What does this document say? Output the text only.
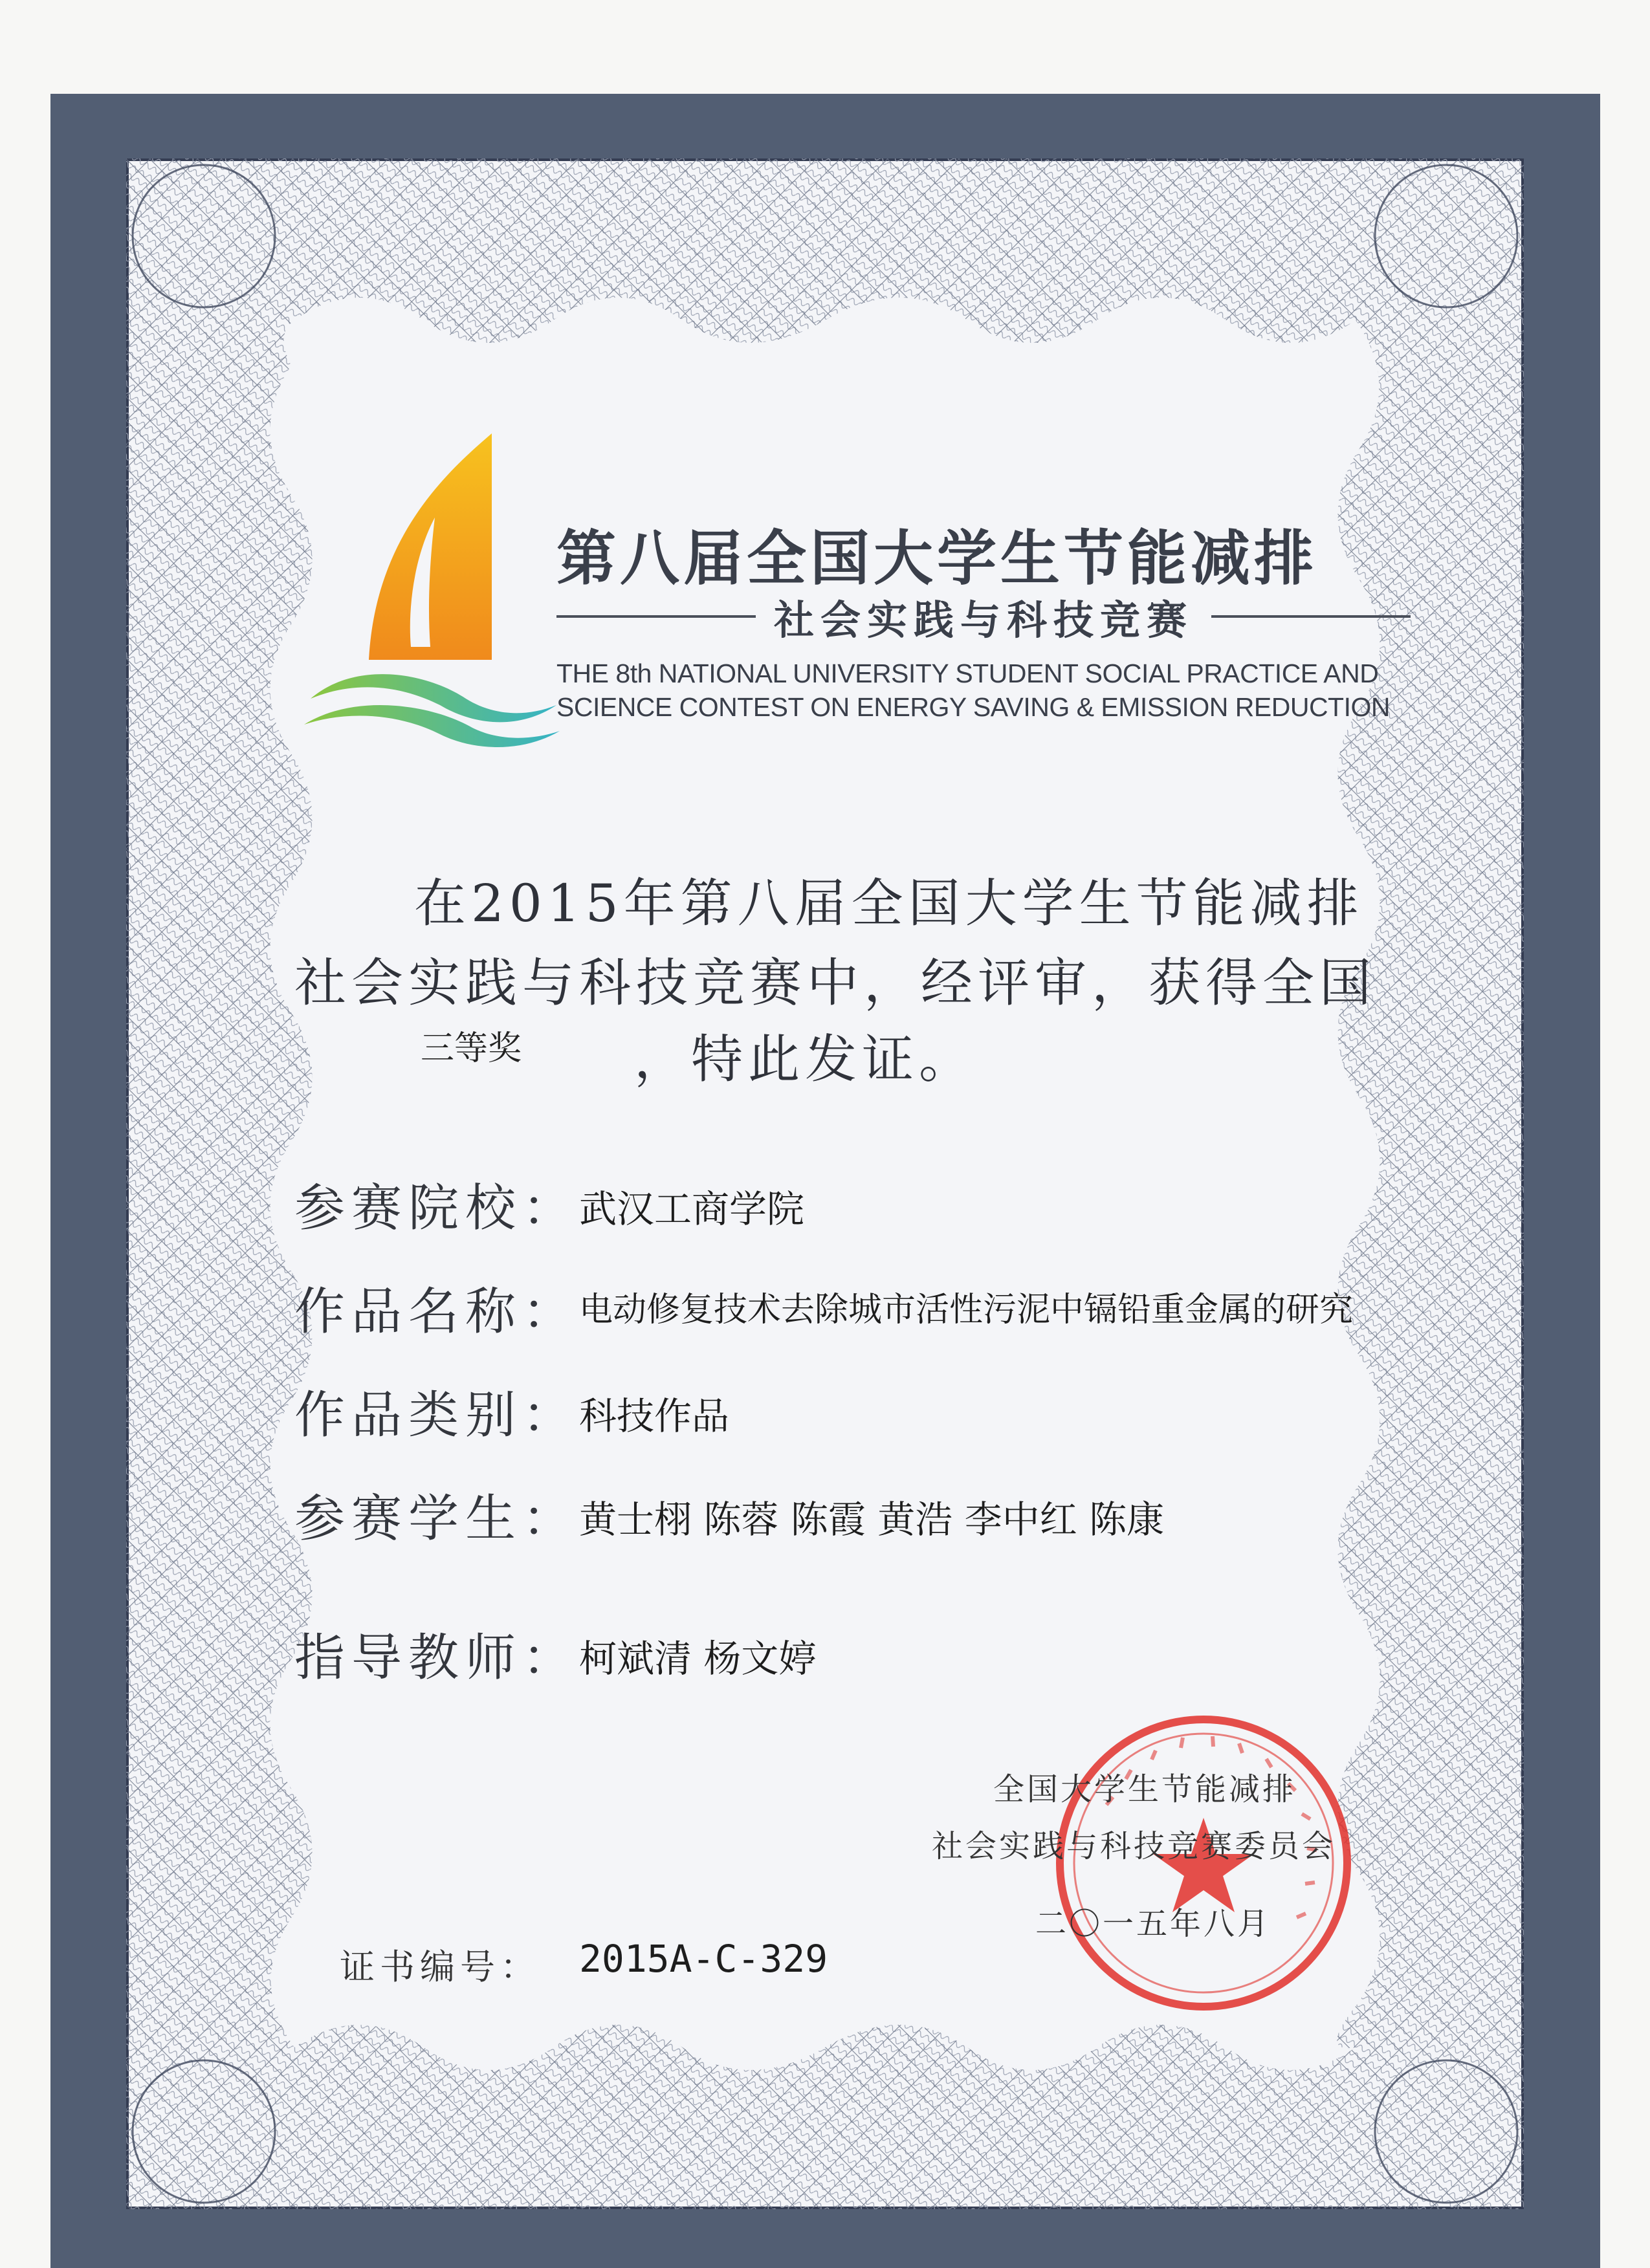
第八届全国大学生节能减排
社会实践与科技竞赛
THE 8th NATIONAL UNIVERSITY STUDENT SOCIAL PRACTICE AND
SCIENCE CONTEST ON ENERGY SAVING & EMISSION REDUCTION
在2015年第八届全国大学生节能减排
社会实践与科技竞赛中，经评审，获得全国
三等奖 ，特此发证。
参赛院校： 武汉工商学院
作品名称： 电动修复技术去除城市活性污泥中镉铅重金属的研究
作品类别： 科技作品
参赛学生： 黄士栩 陈蓉 陈霞 黄浩 李中红 陈康
指导教师： 柯斌清 杨文婷
全国大学生节能减排
社会实践与科技竞赛委员会
二〇一五年八月
证书编号： 2015A-C-329
